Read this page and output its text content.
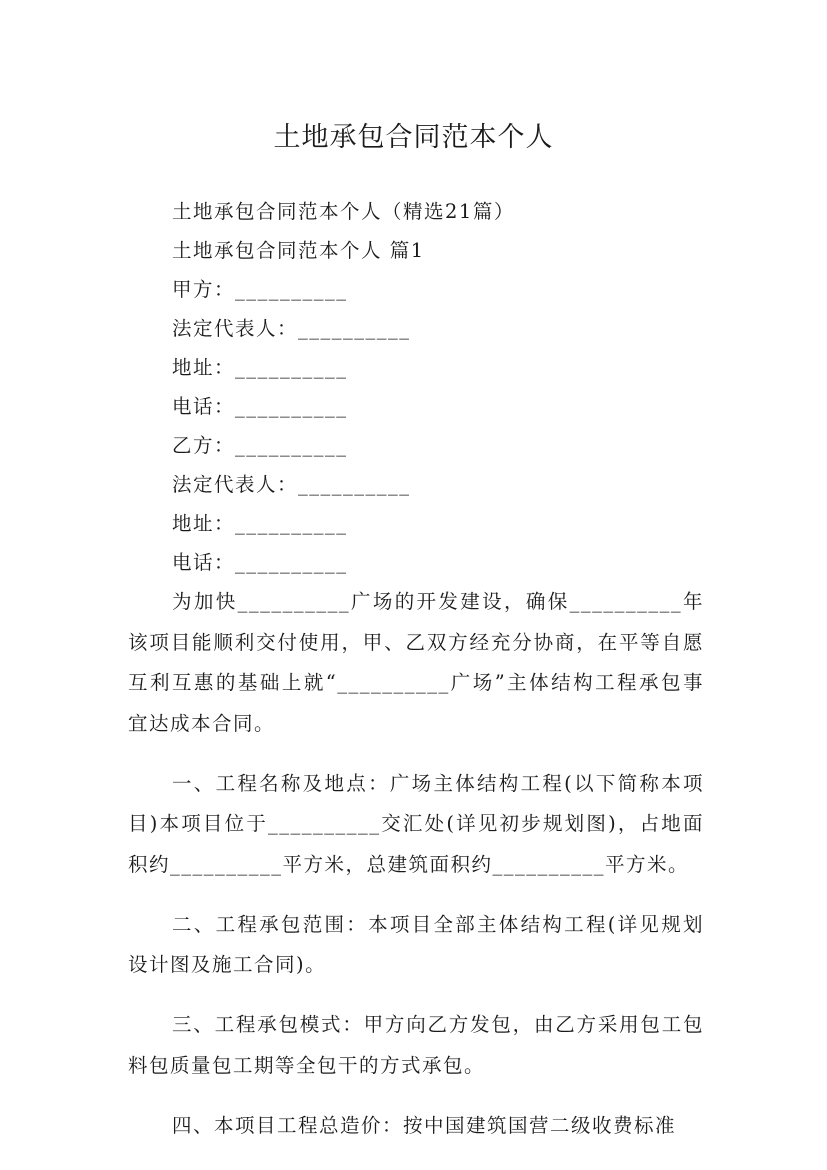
土地承包合同范本个人
土地承包合同范本个人（精选21篇）
土地承包合同范本个人 篇1
甲方：__________
法定代表人：__________
地址：__________
电话：__________
乙方：__________
法定代表人：__________
地址：__________
电话：__________

为加快__________广场的开发建设，确保__________年该项目能顺利交付使用，甲、乙双方经充分协商，在平等自愿互利互惠的基础上就“__________广场”主体结构工程承包事宜达成本合同。

一、工程名称及地点：广场主体结构工程(以下简称本项目)本项目位于__________交汇处(详见初步规划图)，占地面积约__________平方米，总建筑面积约__________平方米。

二、工程承包范围：本项目全部主体结构工程(详见规划设计图及施工合同)。

三、工程承包模式：甲方向乙方发包，由乙方采用包工包料包质量包工期等全包干的方式承包。

四、本项目工程总造价：按中国建筑国营二级收费标准
